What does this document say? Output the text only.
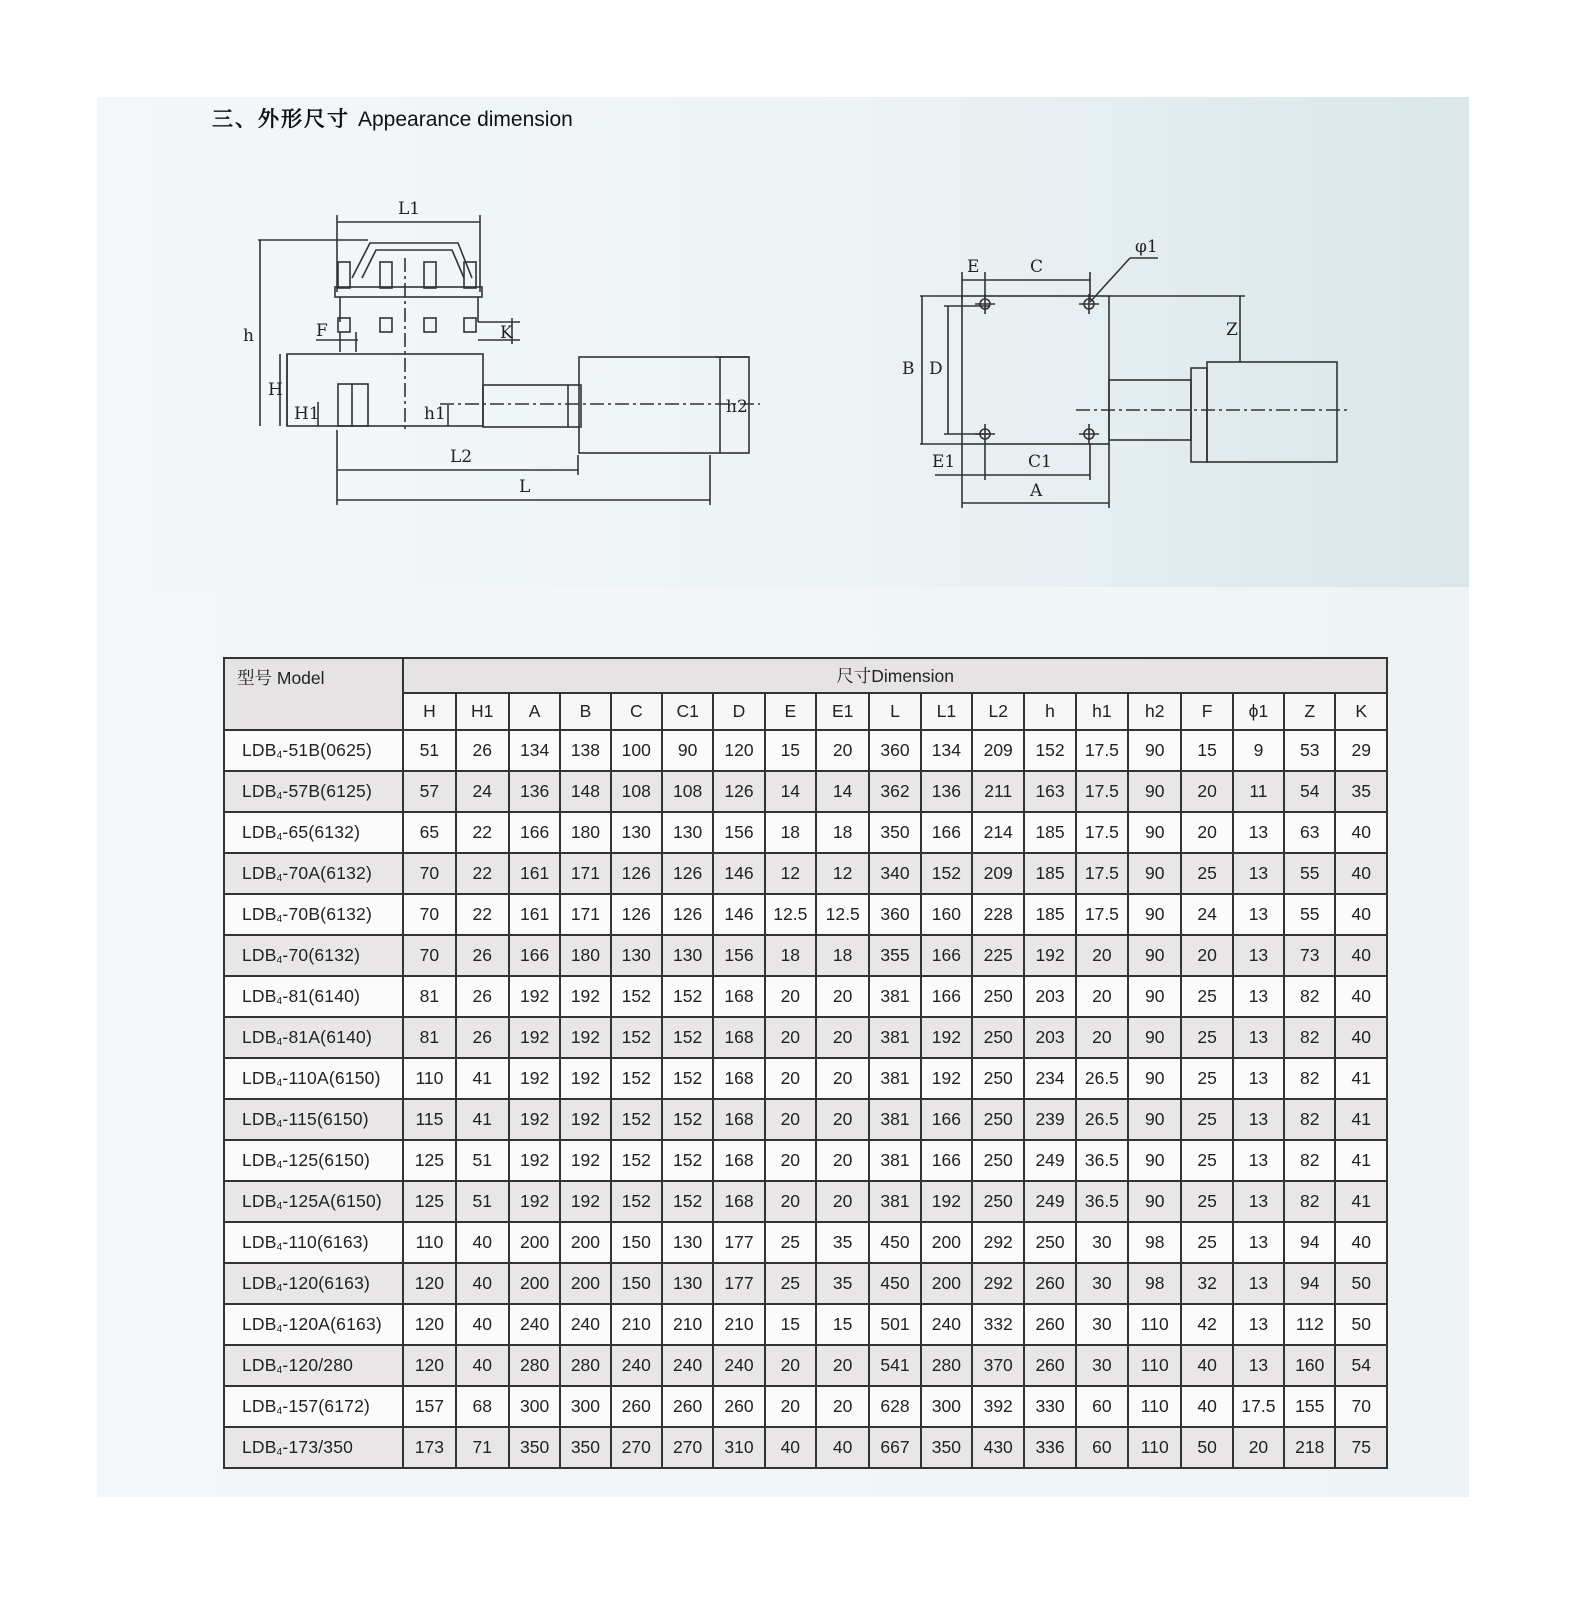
三、外形尺寸 Appearance dimension
L1
h	F	K
H
H1	h1	h2
L2
L
E	C
φ1
Z
B D
E1	C1
A
型号 Model	尺寸Dimension																		
	H	H1	A	B	C	C1	D	E	E1	L	L1	L2	h	h1	h2	F	ϕ1	Z	K
$LDB_4-51B(0625)$	51	26	134	138	100	90	120	15	20	360	134	209	152	17.5	90	15	9	53	29
$LDB_4-57B(6125)$	57	24	136	148	108	108	126	14	14	362	136	211	163	17.5	90	20	11	54	35
$LDB_4-65(6132)$	65	22	166	180	130	130	156	18	18	350	166	214	185	17.5	90	20	13	63	40
$LDB_4-70A(6132)$	70	22	161	171	126	126	146	12	12	340	152	209	185	17.5	90	25	13	55	40
$LDB_4-70B(6132)$	70	22	161	171	126	126	146	12.5	12.5	360	160	228	185	17.5	90	24	13	55	40
$LDB_4-70(6132)$	70	26	166	180	130	130	156	18	18	355	166	225	192	20	90	20	13	73	40
$LDB_4-81(6140)$	81	26	192	192	152	152	168	20	20	381	166	250	203	20	90	25	13	82	40
$LDB_4-81A(6140)$	81	26	192	192	152	152	168	20	20	381	192	250	203	20	90	25	13	82	40
$LDB_4-110A(6150)$	110	41	192	192	152	152	168	20	20	381	192	250	234	26.5	90	25	13	82	41
$LDB_4-115(6150)$	115	41	192	192	152	152	168	20	20	381	166	250	239	26.5	90	25	13	82	41
$LDB_4-125(6150)$	125	51	192	192	152	152	168	20	20	381	166	250	249	36.5	90	25	13	82	41
$LDB_4-125A(6150)$	125	51	192	192	152	152	168	20	20	381	192	250	249	36.5	90	25	13	82	41
$LDB_4-110(6163)$	110	40	200	200	150	130	177	25	35	450	200	292	250	30	98	25	13	94	40
$LDB_4-120(6163)$	120	40	200	200	150	130	177	25	35	450	200	292	260	30	98	32	13	94	50
$LDB_4-120A(6163)$	120	40	240	240	210	210	210	15	15	501	240	332	260	30	110	42	13	112	50
$LDB_4-120/280$	120	40	280	280	240	240	240	20	20	541	280	370	260	30	110	40	13	160	54
$LDB_4-157(6172)$	157	68	300	300	260	260	260	20	20	628	300	392	330	60	110	40	17.5	155	70
$LDB_4-173/350$	173	71	350	350	270	270	310	40	40	667	350	430	336	60	110	50	20	218	75
